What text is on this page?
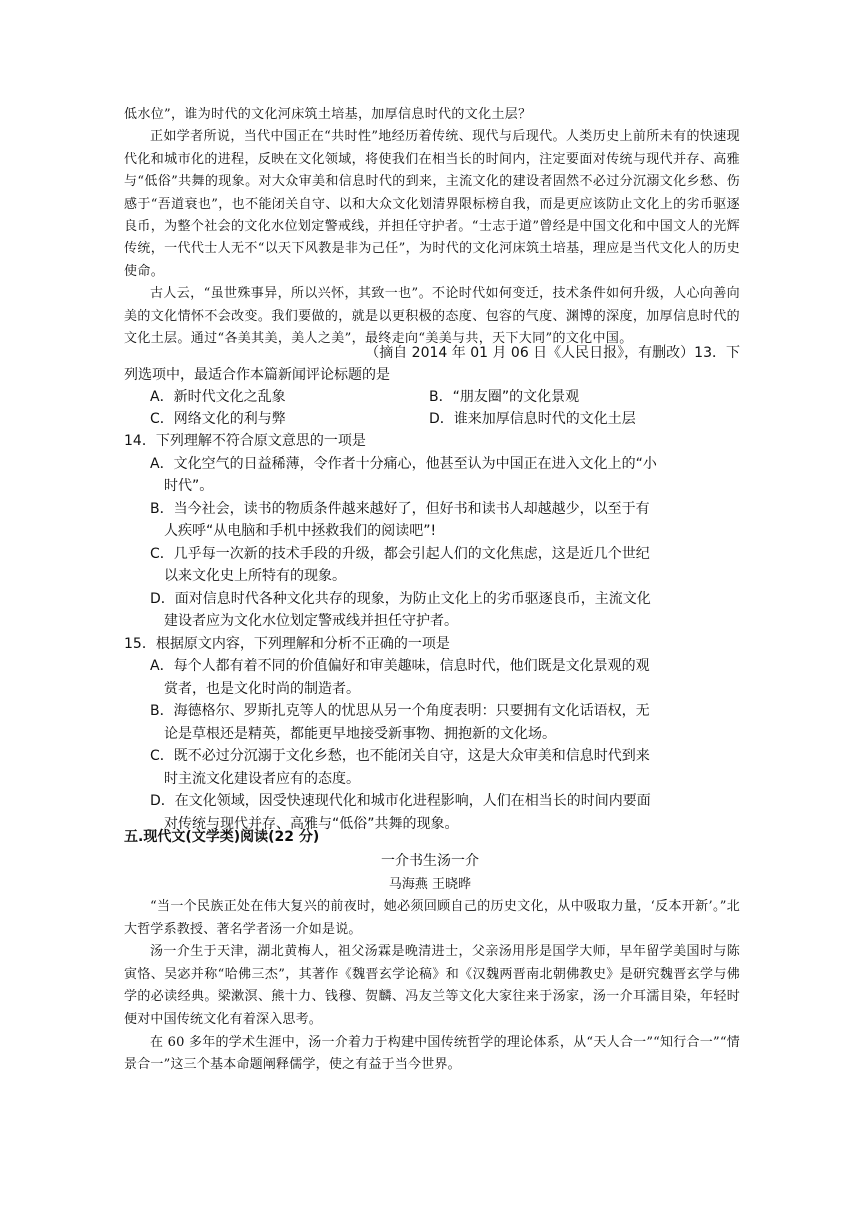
低水位”，谁为时代的文化河床筑土培基，加厚信息时代的文化土层？

正如学者所说，当代中国正在“共时性”地经历着传统、现代与后现代。人类历史上前所未有的快速现代化和城市化的进程，反映在文化领域，将使我们在相当长的时间内，注定要面对传统与现代并存、高雅与“低俗”共舞的现象。对大众审美和信息时代的到来，主流文化的建设者固然不必过分沉溺文化乡愁、伤感于“吾道衰也”，也不能闭关自守、以和大众文化划清界限标榜自我，而是更应该防止文化上的劣币驱逐良币，为整个社会的文化水位划定警戒线，并担任守护者。“士志于道”曾经是中国文化和中国文人的光辉传统，一代代士人无不“以天下风教是非为己任”，为时代的文化河床筑土培基，理应是当代文化人的历史使命。

古人云，“虽世殊事异，所以兴怀，其致一也”。不论时代如何变迁，技术条件如何升级，人心向善向美的文化情怀不会改变。我们要做的，就是以更积极的态度、包容的气度、渊博的深度，加厚信息时代的文化土层。通过“各美其美，美人之美”，最终走向“美美与共，天下大同”的文化中国。

（摘自 2014 年 01 月 06 日《人民日报》，有删改）13．下
列选项中，最适合作本篇新闻评论标题的是
A．新时代文化之乱象	B．“朋友圈”的文化景观
C．网络文化的利与弊	D．谁来加厚信息时代的文化土层
14．下列理解不符合原文意思的一项是
A．文化空气的日益稀薄，令作者十分痛心，他甚至认为中国正在进入文化上的“小
时代”。
B．当今社会，读书的物质条件越来越好了，但好书和读书人却越越少，以至于有
人疾呼“从电脑和手机中拯救我们的阅读吧”!
C．几乎每一次新的技术手段的升级，都会引起人们的文化焦虑，这是近几个世纪
以来文化史上所特有的现象。
D．面对信息时代各种文化共存的现象，为防止文化上的劣币驱逐良币，主流文化
建设者应为文化水位划定警戒线并担任守护者。
15．根据原文内容，下列理解和分析不正确的一项是
A．每个人都有着不同的价值偏好和审美趣味，信息时代，他们既是文化景观的观
赏者，也是文化时尚的制造者。
B．海德格尔、罗斯扎克等人的忧思从另一个角度表明：只要拥有文化话语权，无
论是草根还是精英，都能更早地接受新事物、拥抱新的文化场。
C．既不必过分沉溺于文化乡愁，也不能闭关自守，这是大众审美和信息时代到来
时主流文化建设者应有的态度。
D．在文化领域，因受快速现代化和城市化进程影响，人们在相当长的时间内要面
对传统与现代并存、高雅与“低俗”共舞的现象。
五.现代文(文学类)阅读(22 分)
一介书生汤一介
马海燕 王晓晔

“当一个民族正处在伟大复兴的前夜时，她必须回顾自己的历史文化，从中吸取力量，‘反本开新’。”北大哲学系教授、著名学者汤一介如是说。

汤一介生于天津，湖北黄梅人，祖父汤霖是晚清进士，父亲汤用彤是国学大师，早年留学美国时与陈寅恪、吴宓并称“哈佛三杰”，其著作《魏晋玄学论稿》和《汉魏两晋南北朝佛教史》是研究魏晋玄学与佛学的必读经典。梁漱溟、熊十力、钱穆、贺麟、冯友兰等文化大家往来于汤家，汤一介耳濡目染，年轻时便对中国传统文化有着深入思考。

在 60 多年的学术生涯中，汤一介着力于构建中国传统哲学的理论体系，从“天人合一”“知行合一”“情景合一”这三个基本命题阐释儒学，使之有益于当今世界。
